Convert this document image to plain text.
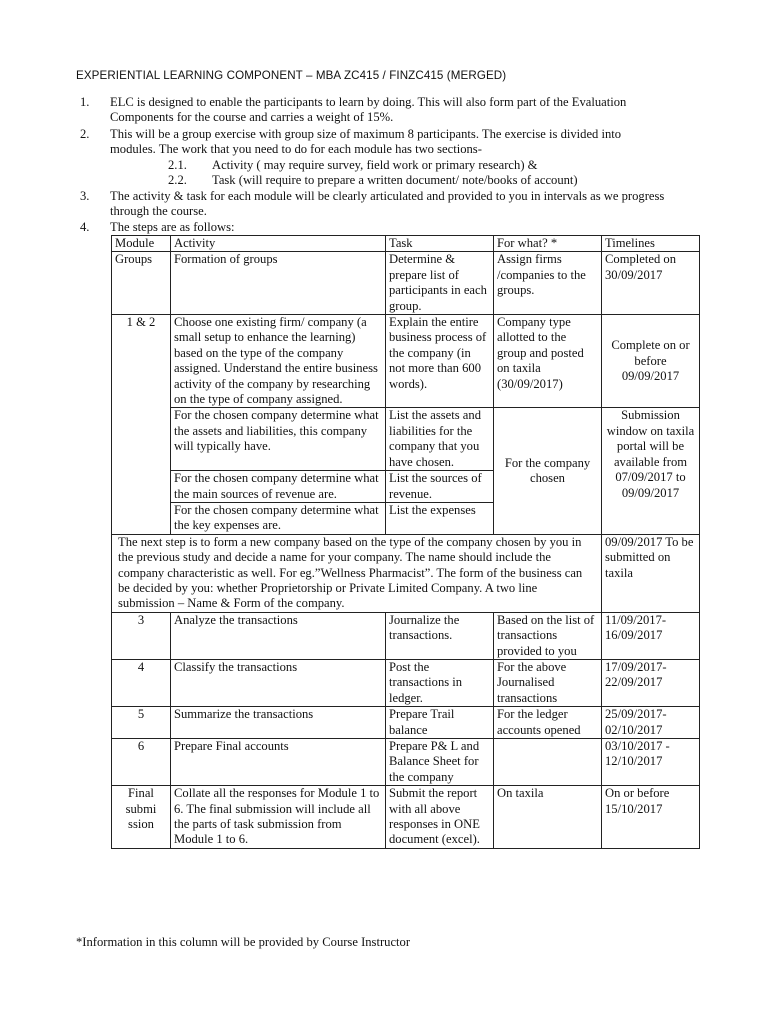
EXPERIENTIAL LEARNING COMPONENT – MBA ZC415 / FINZC415 (MERGED)
1. ELC is designed to enable the participants to learn by doing. This will also form part of the Evaluation Components for the course and carries a weight of 15%.
2. This will be a group exercise with group size of maximum 8 participants. The exercise is divided into modules. The work that you need to do for each module has two sections-
2.1. Activity ( may require survey, field work or primary research) &
2.2. Task (will require to prepare a written document/ note/books of account)
3. The activity & task for each module will be clearly articulated and provided to you in intervals as we progress through the course.
4. The steps are as follows:
Module	Activity	Task	For what? *	Timelines
Groups	Formation of groups	Determine & prepare list of participants in each group.	Assign firms /companies to the groups.	Completed on 30/09/2017
1 & 2	Choose one existing firm/ company (a small setup to enhance the learning) based on the type of the company assigned. Understand the entire business activity of the company by researching on the type of company assigned.	Explain the entire business process of the company (in not more than 600 words).	Company type allotted to the group and posted on taxila (30/09/2017)	Complete on or before 09/09/2017
	For the chosen company determine what the assets and liabilities, this company will typically have.	List the assets and liabilities for the company that you have chosen.	For the company chosen	Submission window on taxila portal will be available from 07/09/2017 to 09/09/2017
	For the chosen company determine what the main sources of revenue are.	List the sources of revenue.		
	For the chosen company determine what the key expenses are.	List the expenses		
The next step is to form a new company based on the type of the company chosen by you in the previous study and decide a name for your company. The name should include the company characteristic as well. For eg.”Wellness Pharmacist”. The form of the business can be decided by you: whether Proprietorship or Private Limited Company. A two line submission – Name & Form of the company.				09/09/2017 To be submitted on taxila
3	Analyze the transactions	Journalize the transactions.	Based on the list of transactions provided to you	11/09/2017- 16/09/2017
4	Classify the transactions	Post the transactions in ledger.	For the above Journalised transactions	17/09/2017- 22/09/2017
5	Summarize the transactions	Prepare Trail balance	For the ledger accounts opened	25/09/2017- 02/10/2017
6	Prepare Final accounts	Prepare P& L and Balance Sheet for the company		03/10/2017 - 12/10/2017
Final submi ssion	Collate all the responses for Module 1 to 6. The final submission will include all the parts of task submission from Module 1 to 6.	Submit the report with all above responses in ONE document (excel).	On taxila	On or before 15/10/2017
*Information in this column will be provided by Course Instructor
